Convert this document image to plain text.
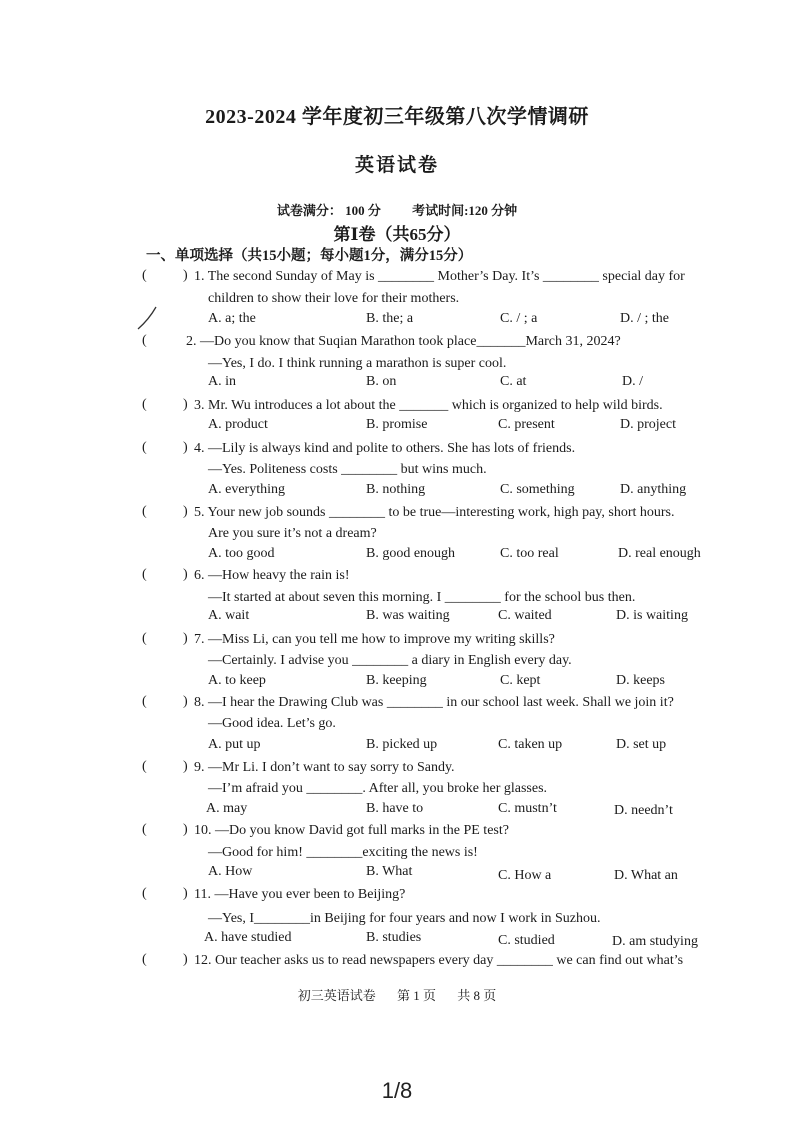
2023-2024 学年度初三年级第八次学情调研
英语试卷
试卷满分： 100 分 考试时间:120 分钟
第Ⅰ卷（共65分）
一、单项选择（共15小题；每小题1分，满分15分）
(	) 1. The second Sunday of May is ________ Mother’s Day. It’s ________ special day for
children to show their love for their mothers.
A. a; the	B. the; a	C. / ; a	D. / ; the
(	2. —Do you know that Suqian Marathon took place_______March 31, 2024?
—Yes, I do. I think running a marathon is super cool.
A. in	B. on	C. at	D. /
(	) 3. Mr. Wu introduces a lot about the _______ which is organized to help wild birds.
A. product	B. promise	C. present	D. project
(	) 4. —Lily is always kind and polite to others. She has lots of friends.
—Yes. Politeness costs ________ but wins much.
A. everything	B. nothing	C. something	D. anything
(	) 5. Your new job sounds ________ to be true—interesting work, high pay, short hours.
Are you sure it’s not a dream?
A. too good	B. good enough	C. too real	D. real enough
(	) 6. —How heavy the rain is!
—It started at about seven this morning. I ________ for the school bus then.
A. wait	B. was waiting	C. waited	D. is waiting
(	) 7. —Miss Li, can you tell me how to improve my writing skills?
—Certainly. I advise you ________ a diary in English every day.
A. to keep	B. keeping	C. kept	D. keeps
(	) 8. —I hear the Drawing Club was ________ in our school last week. Shall we join it?
—Good idea. Let’s go.
A. put up	B. picked up	C. taken up	D. set up
(	) 9. —Mr Li. I don’t want to say sorry to Sandy.
—I’m afraid you ________. After all, you broke her glasses.
A. may	B. have to	C. mustn’t	D. needn’t
(	) 10. —Do you know David got full marks in the PE test?
—Good for him! ________exciting the news is!
A. How	B. What	C. How a	D. What an
(	) 11. —Have you ever been to Beijing?
—Yes, I________in Beijing for four years and now I work in Suzhou.
A. have studied	B. studies	C. studied	D. am studying
(	) 12. Our teacher asks us to read newspapers every day ________ we can find out what’s
初三英语试卷 第 1 页 共 8 页
1/8
